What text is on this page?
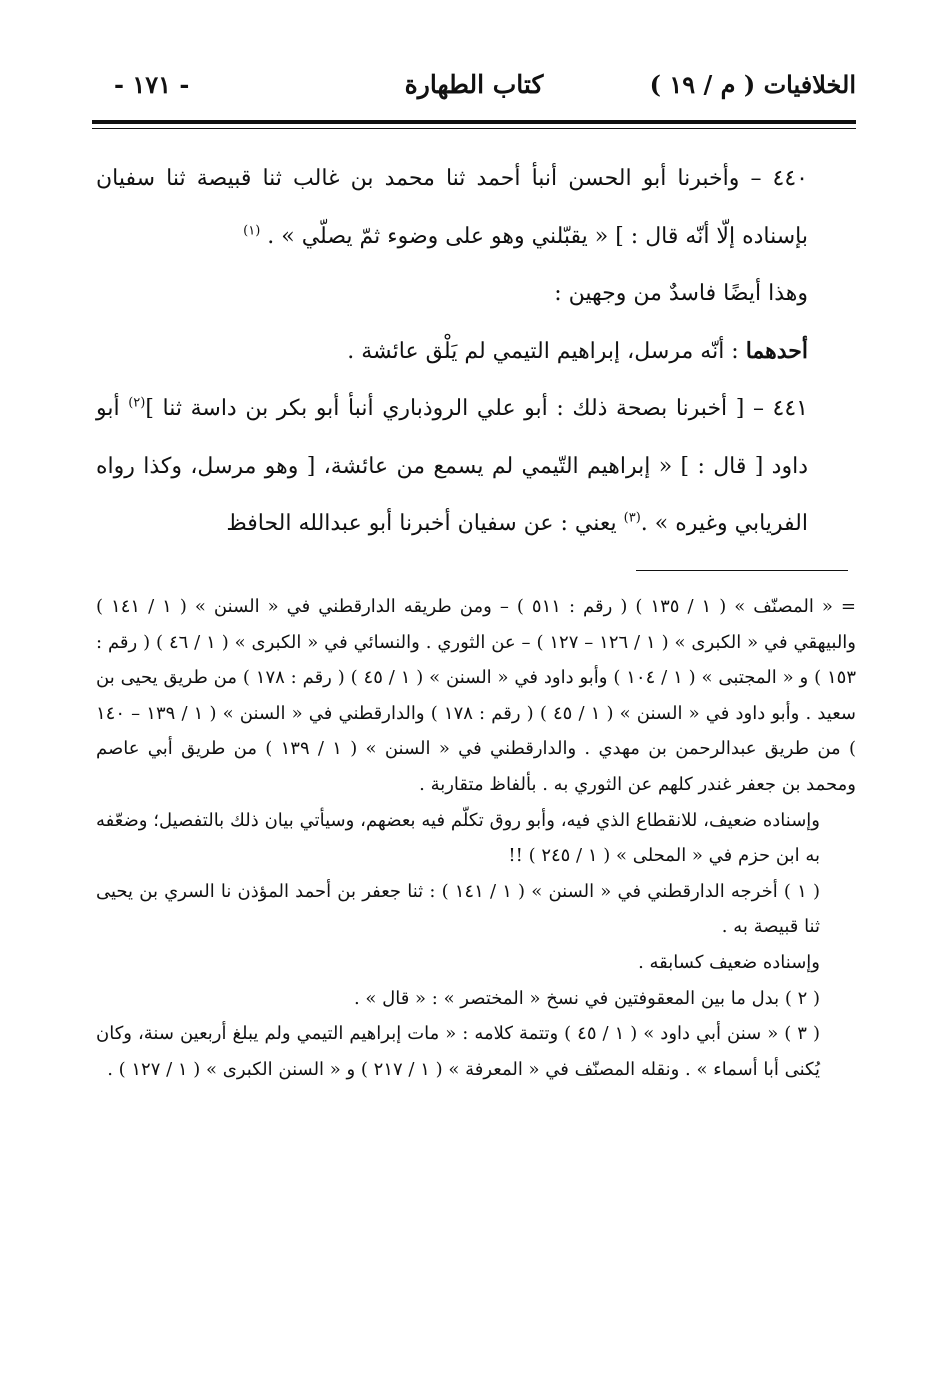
الخلافيات ( م / ١٩ )
كتاب الطهارة
- ١٧١ -

٤٤٠ – وأخبرنا أبو الحسن أنبأ أحمد ثنا محمد بن غالب ثنا قبيصة ثنا سفيان بإسناده إلّا أنّه قال : ] « يقبّلني وهو على وضوء ثمّ يصلّي » . $^{(١)}$

وهذا أيضًا فاسدٌ من وجهين :

أحدهما : أنّه مرسل، إبراهيم التيمي لم يَلْق عائشة .

٤٤١ – [ أخبرنا بصحة ذلك : أبو علي الروذباري أنبأ أبو بكر بن داسة ثنا ]$^{(٢)}$ أبو داود [ قال : ] « إبراهيم التّيمي لم يسمع من عائشة، [ وهو مرسل، وكذا رواه الفريابي وغيره » .$^{(٣)}$ يعني : عن سفيان أخبرنا أبو عبدالله الحافظ

= « المصنّف » ( ١ / ١٣٥ ) ( رقم : ٥١١ ) – ومن طريقه الدارقطني في « السنن » ( ١ / ١٤١ ) والبيهقي في « الكبرى » ( ١ / ١٢٦ – ١٢٧ ) – عن الثوري . والنسائي في « الكبرى » ( ١ / ٤٦ ) ( رقم : ١٥٣ ) و « المجتبى » ( ١ / ١٠٤ ) وأبو داود في « السنن » ( ١ / ٤٥ ) ( رقم : ١٧٨ ) من طريق يحيى بن سعيد . وأبو داود في « السنن » ( ١ / ٤٥ ) ( رقم : ١٧٨ ) والدارقطني في « السنن » ( ١ / ١٣٩ – ١٤٠ ) من طريق عبدالرحمن بن مهدي . والدارقطني في « السنن » ( ١ / ١٣٩ ) من طريق أبي عاصم ومحمد بن جعفر غندر كلهم عن الثوري به . بألفاظ متقاربة .

وإسناده ضعيف، للانقطاع الذي فيه، وأبو روق تكلّم فيه بعضهم، وسيأتي بيان ذلك بالتفصيل؛ وضعّفه به ابن حزم في « المحلى » ( ١ / ٢٤٥ ) !!

( ١ ) أخرجه الدارقطني في « السنن » ( ١ / ١٤١ ) : ثنا جعفر بن أحمد المؤذن نا السري بن يحيى ثنا قبيصة به .

وإسناده ضعيف كسابقه .

( ٢ ) بدل ما بين المعقوفتين في نسخ « المختصر » : « قال » .

( ٣ ) « سنن أبي داود » ( ١ / ٤٥ ) وتتمة كلامه : « مات إبراهيم التيمي ولم يبلغ أربعين سنة، وكان يُكنى أبا أسماء » . ونقله المصنّف في « المعرفة » ( ١ / ٢١٧ ) و « السنن الكبرى » ( ١ / ١٢٧ ) .
